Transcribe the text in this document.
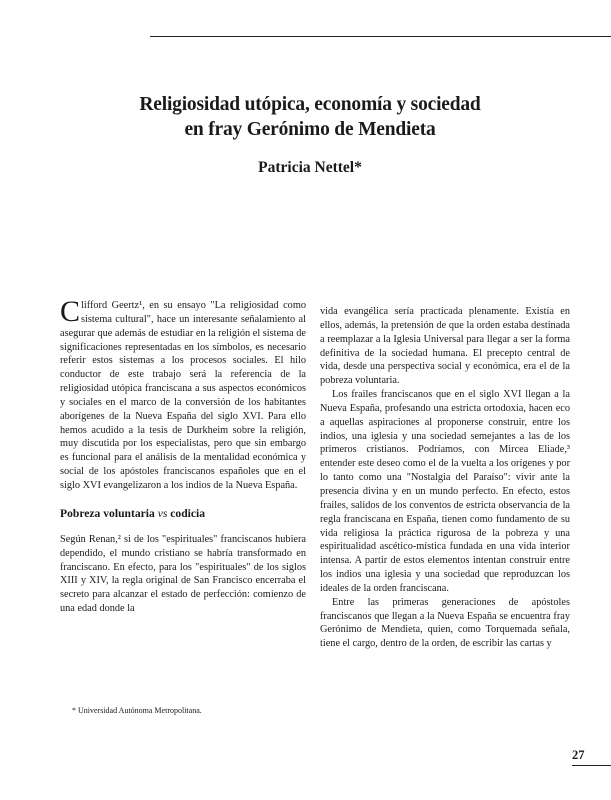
Religiosidad utópica, economía y sociedad
en fray Gerónimo de Mendieta
Patricia Nettel*

Clifford Geertz¹, en su ensayo "La religiosidad como sistema cultural", hace un interesante señalamiento al asegurar que además de estudiar en la religión el sistema de significaciones representadas en los símbolos, es necesario referir estos sistemas a los procesos sociales. El hilo conductor de este trabajo será la referencia de la religiosidad utópica franciscana a sus aspectos económicos y sociales en el marco de la conversión de los habitantes aborígenes de la Nueva España del siglo XVI. Para ello hemos acudido a la tesis de Durkheim sobre la religión, muy discutida por los especialistas, pero que sin embargo es funcional para el análisis de la mentalidad económica y social de los apóstoles franciscanos españoles que en el siglo XVI evangelizaron a los indios de la Nueva España.

Pobreza voluntaria vs codicia

Según Renan,² si de los "espirituales" franciscanos hubiera dependido, el mundo cristiano se habría transformado en franciscano. En efecto, para los "espirituales" de los siglos XIII y XIV, la regla original de San Francisco encerraba el secreto para alcanzar el estado de perfección: comienzo de una edad donde la

vida evangélica sería practicada plenamente. Existía en ellos, además, la pretensión de que la orden estaba destinada a reemplazar a la Iglesia Universal para llegar a ser la forma definitiva de la sociedad humana. El precepto central de vida, desde una perspectiva social y económica, era el de la pobreza voluntaria.

Los frailes franciscanos que en el siglo XVI llegan a la Nueva España, profesando una estricta ortodoxia, hacen eco a aquellas aspiraciones al proponerse construir, entre los indios, una iglesia y una sociedad semejantes a las de los primeros cristianos. Podríamos, con Mircea Eliade,³ entender este deseo como el de la vuelta a los orígenes y por lo tanto como una "Nostalgia del Paraíso": vivir ante la presencia divina y en un mundo perfecto. En efecto, estos frailes, salidos de los conventos de estricta observancia de la regla franciscana en España, tienen como fundamento de su vida religiosa la práctica rigurosa de la pobreza y una espiritualidad ascético-mística fundada en una vida interior intensa. A partir de estos elementos intentan construir entre los indios una iglesia y una sociedad que reproduzcan los ideales de la orden franciscana.

Entre las primeras generaciones de apóstoles franciscanos que llegan a la Nueva España se encuentra fray Gerónimo de Mendieta, quien, como Torquemada señala, tiene el cargo, dentro de la orden, de escribir las cartas y

* Universidad Autónoma Metropolitana.
27
